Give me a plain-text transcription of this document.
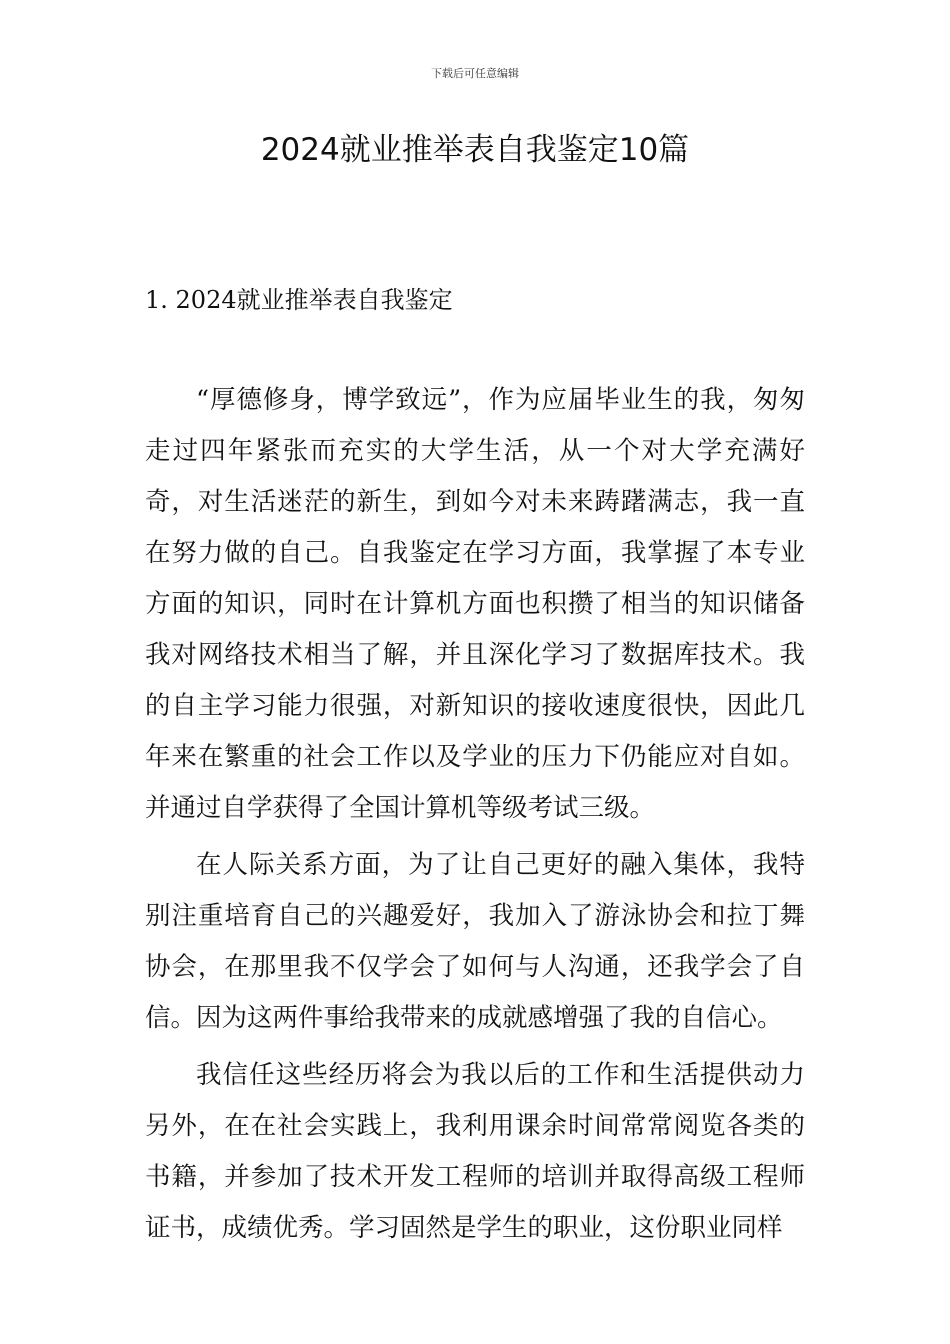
下载后可任意编辑
2024就业推举表自我鉴定10篇
1. 2024就业推举表自我鉴定

“厚德修身，博学致远”，作为应届毕业生的我，匆匆走过四年紧张而充实的大学生活，从一个对大学充满好奇，对生活迷茫的新生，到如今对未来踌躇满志，我一直在努力做的自己。自我鉴定在学习方面，我掌握了本专业方面的知识，同时在计算机方面也积攒了相当的知识储备我对网络技术相当了解，并且深化学习了数据库技术。我的自主学习能力很强，对新知识的接收速度很快，因此几年来在繁重的社会工作以及学业的压力下仍能应对自如。并通过自学获得了全国计算机等级考试三级。

在人际关系方面，为了让自己更好的融入集体，我特别注重培育自己的兴趣爱好，我加入了游泳协会和拉丁舞协会，在那里我不仅学会了如何与人沟通，还我学会了自信。因为这两件事给我带来的成就感增强了我的自信心。

我信任这些经历将会为我以后的工作和生活提供动力另外，在在社会实践上，我利用课余时间常常阅览各类的书籍，并参加了技术开发工程师的培训并取得高级工程师证书，成绩优秀。学习固然是学生的职业，这份职业同样
